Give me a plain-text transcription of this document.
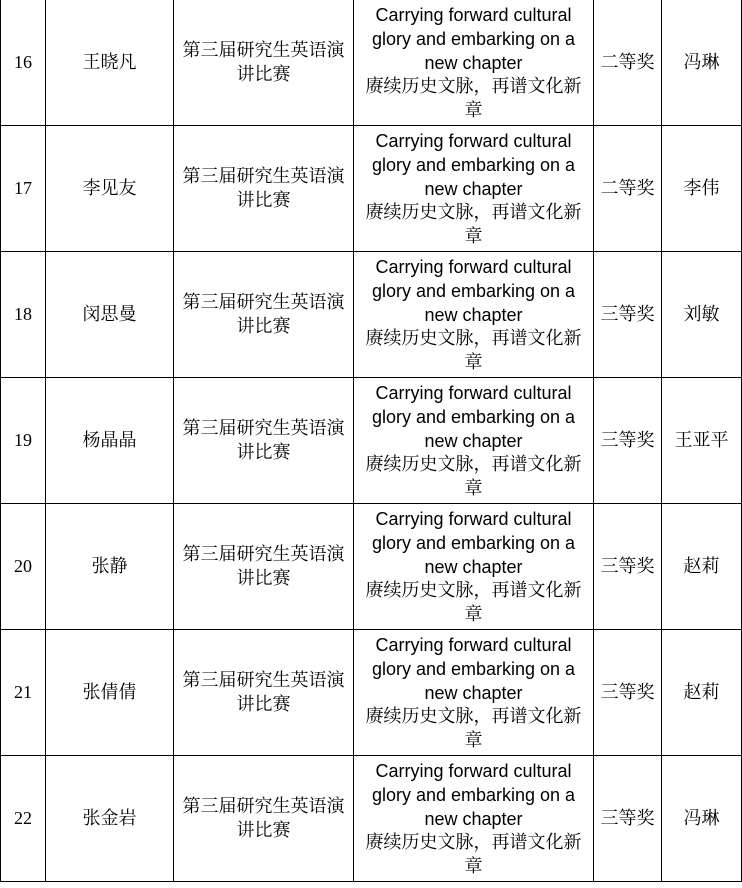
16	王晓凡	第三届研究生英语演讲比赛	Carrying forward cultural glory and embarking on a new chapter
赓续历史文脉，再谱文化新章	二等奖	冯琳
17	李见友	第三届研究生英语演讲比赛	Carrying forward cultural glory and embarking on a new chapter
赓续历史文脉，再谱文化新章	二等奖	李伟
18	闵思曼	第三届研究生英语演讲比赛	Carrying forward cultural glory and embarking on a new chapter
赓续历史文脉，再谱文化新章	三等奖	刘敏
19	杨晶晶	第三届研究生英语演讲比赛	Carrying forward cultural glory and embarking on a new chapter
赓续历史文脉，再谱文化新章	三等奖	王亚平
20	张静	第三届研究生英语演讲比赛	Carrying forward cultural glory and embarking on a new chapter
赓续历史文脉，再谱文化新章	三等奖	赵莉
21	张倩倩	第三届研究生英语演讲比赛	Carrying forward cultural glory and embarking on a new chapter
赓续历史文脉，再谱文化新章	三等奖	赵莉
22	张金岩	第三届研究生英语演讲比赛	Carrying forward cultural glory and embarking on a new chapter
赓续历史文脉，再谱文化新章	三等奖	冯琳
